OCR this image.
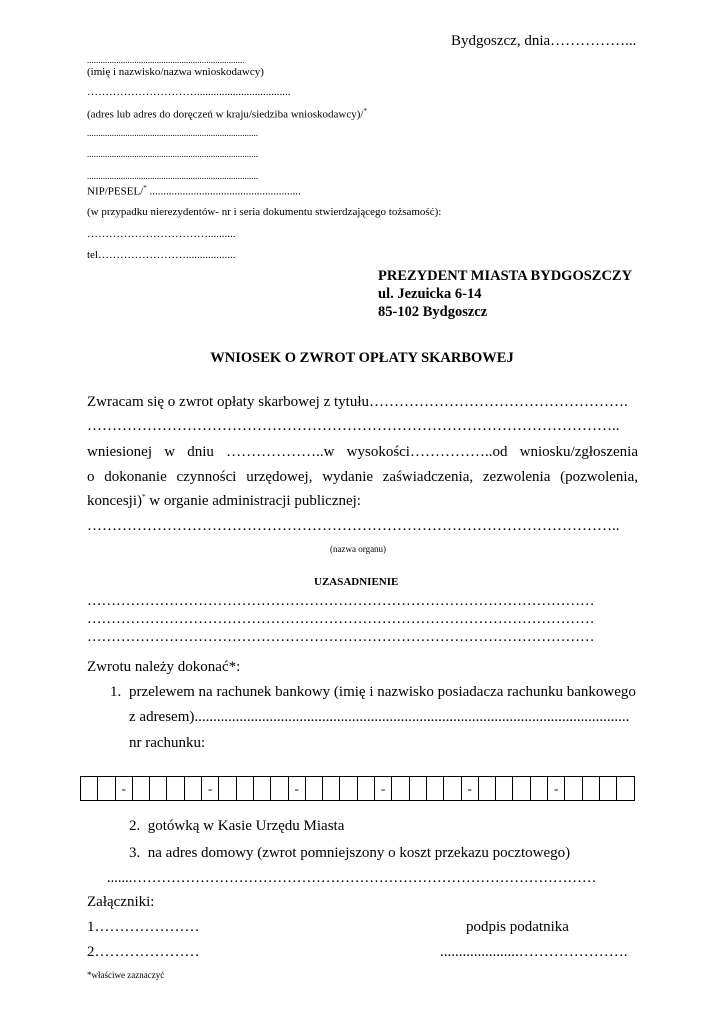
Bydgoszcz, dnia……………...
......................................................................
(imię i nazwisko/nazwa wnioskodawcy)
…………………………..................................
(adres lub adres do doręczeń w kraju/siedziba wnioskodawcy)/*
............................................................................
............................................................................
............................................................................
NIP/PESEL/* .......................................................
(w przypadku nierezydentów- nr i seria dokumentu stwierdzającego tożsamość):
……………………………..........
tel……………………..................
PREZYDENT MIASTA BYDGOSZCZY
ul. Jezuicka 6-14
85-102 Bydgoszcz
WNIOSEK O ZWROT OPŁATY SKARBOWEJ
Zwracam się o zwrot opłaty skarbowej z tytułu…………………………………………….
……………………………………………………………………………………………..
wniesionej w dniu ………………..w wysokości……………..od wniosku/zgłoszenia
o dokonanie czynności urzędowej, wydanie zaświadczenia, zezwolenia (pozwolenia,
koncesji)* w organie administracji publicznej:
……………………………………………………………………………………………..
(nazwa organu)
UZASADNIENIE
……………………………………………………………………………………………
……………………………………………………………………………………………
……………………………………………………………………………………………
Zwrotu należy dokonać*:
1. przelewem na rachunek bankowy (imię i nazwisko posiadacza rachunku bankowego
z adresem)....................................................................................................................
nr rachunku:
		-					-					-					-					-					-				
2. gotówką w Kasie Urzędu Miasta
3. na adres domowy (zwrot pomniejszony o koszt przekazu pocztowego)
.......……………………………………………………………………………………
Załączniki:
1…………………	podpis podatnika
2…………………	.....................………………….
*właściwe zaznaczyć
